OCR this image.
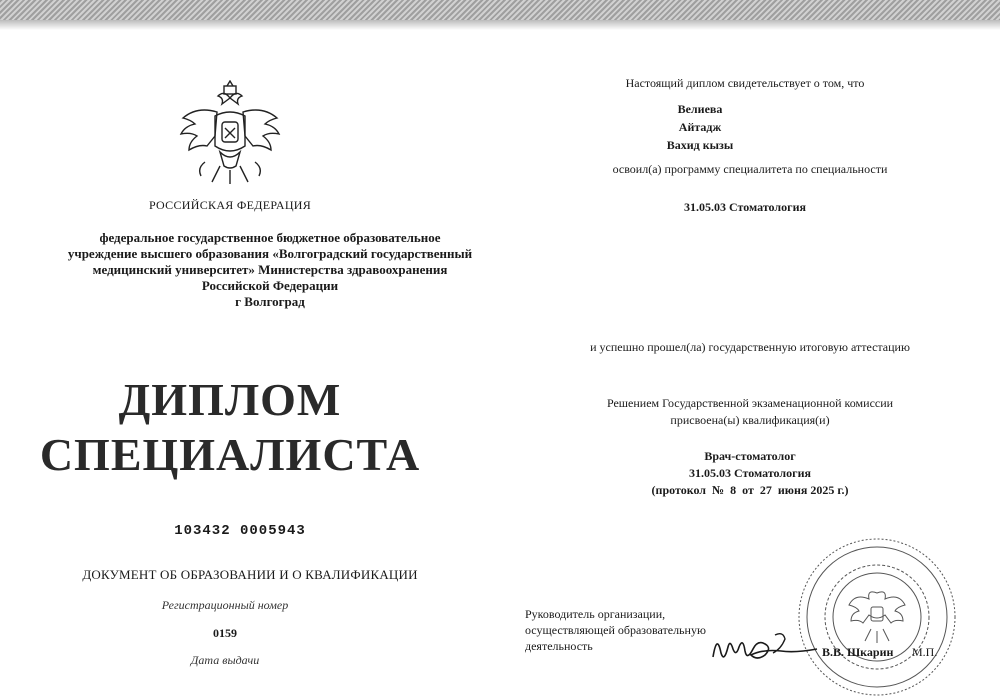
РОССИЙСКАЯ ФЕДЕРАЦИЯ
федеральное государственное бюджетное образовательное
учреждение высшего образования «Волгоградский государственный
медицинский университет» Министерства здравоохранения
Российской Федерации
г Волгоград
ДИПЛОМ
СПЕЦИАЛИСТА
103432 0005943
ДОКУМЕНТ ОБ ОБРАЗОВАНИИ И О КВАЛИФИКАЦИИ
Регистрационный номер
0159
Дата выдачи
Настоящий диплом свидетельствует о том, что
Велиева
Айтадж
Вахид кызы
освоил(а) программу специалитета по специальности
31.05.03 Стоматология
и успешно прошел(ла) государственную итоговую аттестацию
Решением Государственной экзаменационной комиссии
присвоена(ы) квалификация(и)
Врач-стоматолог
31.05.03 Стоматология
(протокол № 8 от 27 июня 2025 г.)
Руководитель организации,
осуществляющей образовательную
деятельность	В.В. Шкарин	М.П.
